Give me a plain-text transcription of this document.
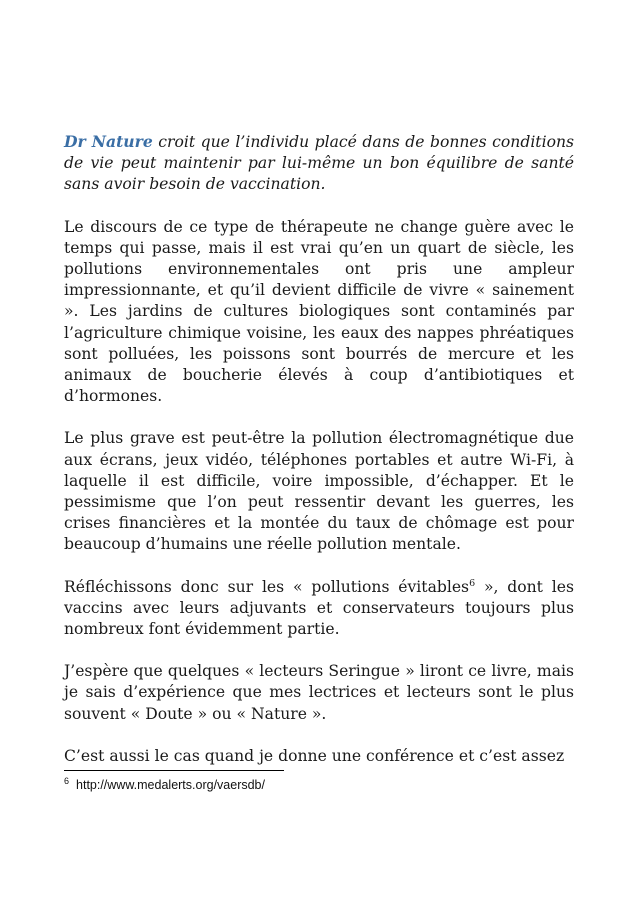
Dr Nature croit que l’individu placé dans de bonnes conditions de vie peut maintenir par lui-même un bon équilibre de santé sans avoir besoin de vaccination.

Le discours de ce type de thérapeute ne change guère avec le temps qui passe, mais il est vrai qu’en un quart de siècle, les pollutions environnementales ont pris une ampleur impressionnante, et qu’il devient difficile de vivre « sainement ». Les jardins de cultures biologiques sont contaminés par l’agriculture chimique voisine, les eaux des nappes phréatiques sont polluées, les poissons sont bourrés de mercure et les animaux de boucherie élevés à coup d’antibiotiques et d’hormones.

Le plus grave est peut-être la pollution électromagnétique due aux écrans, jeux vidéo, téléphones portables et autre Wi-Fi, à laquelle il est difficile, voire impossible, d’échapper. Et le pessimisme que l’on peut ressentir devant les guerres, les crises financières et la montée du taux de chômage est pour beaucoup d’humains une réelle pollution mentale.

Réfléchissons donc sur les « pollutions évitables$^6$ », dont les vaccins avec leurs adjuvants et conservateurs toujours plus nombreux font évidemment partie.

J’espère que quelques « lecteurs Seringue » liront ce livre, mais je sais d’expérience que mes lectrices et lecteurs sont le plus souvent « Doute » ou « Nature ».

C’est aussi le cas quand je donne une conférence et c’est assez

$^6$ http://www.medalerts.org/vaersdb/
